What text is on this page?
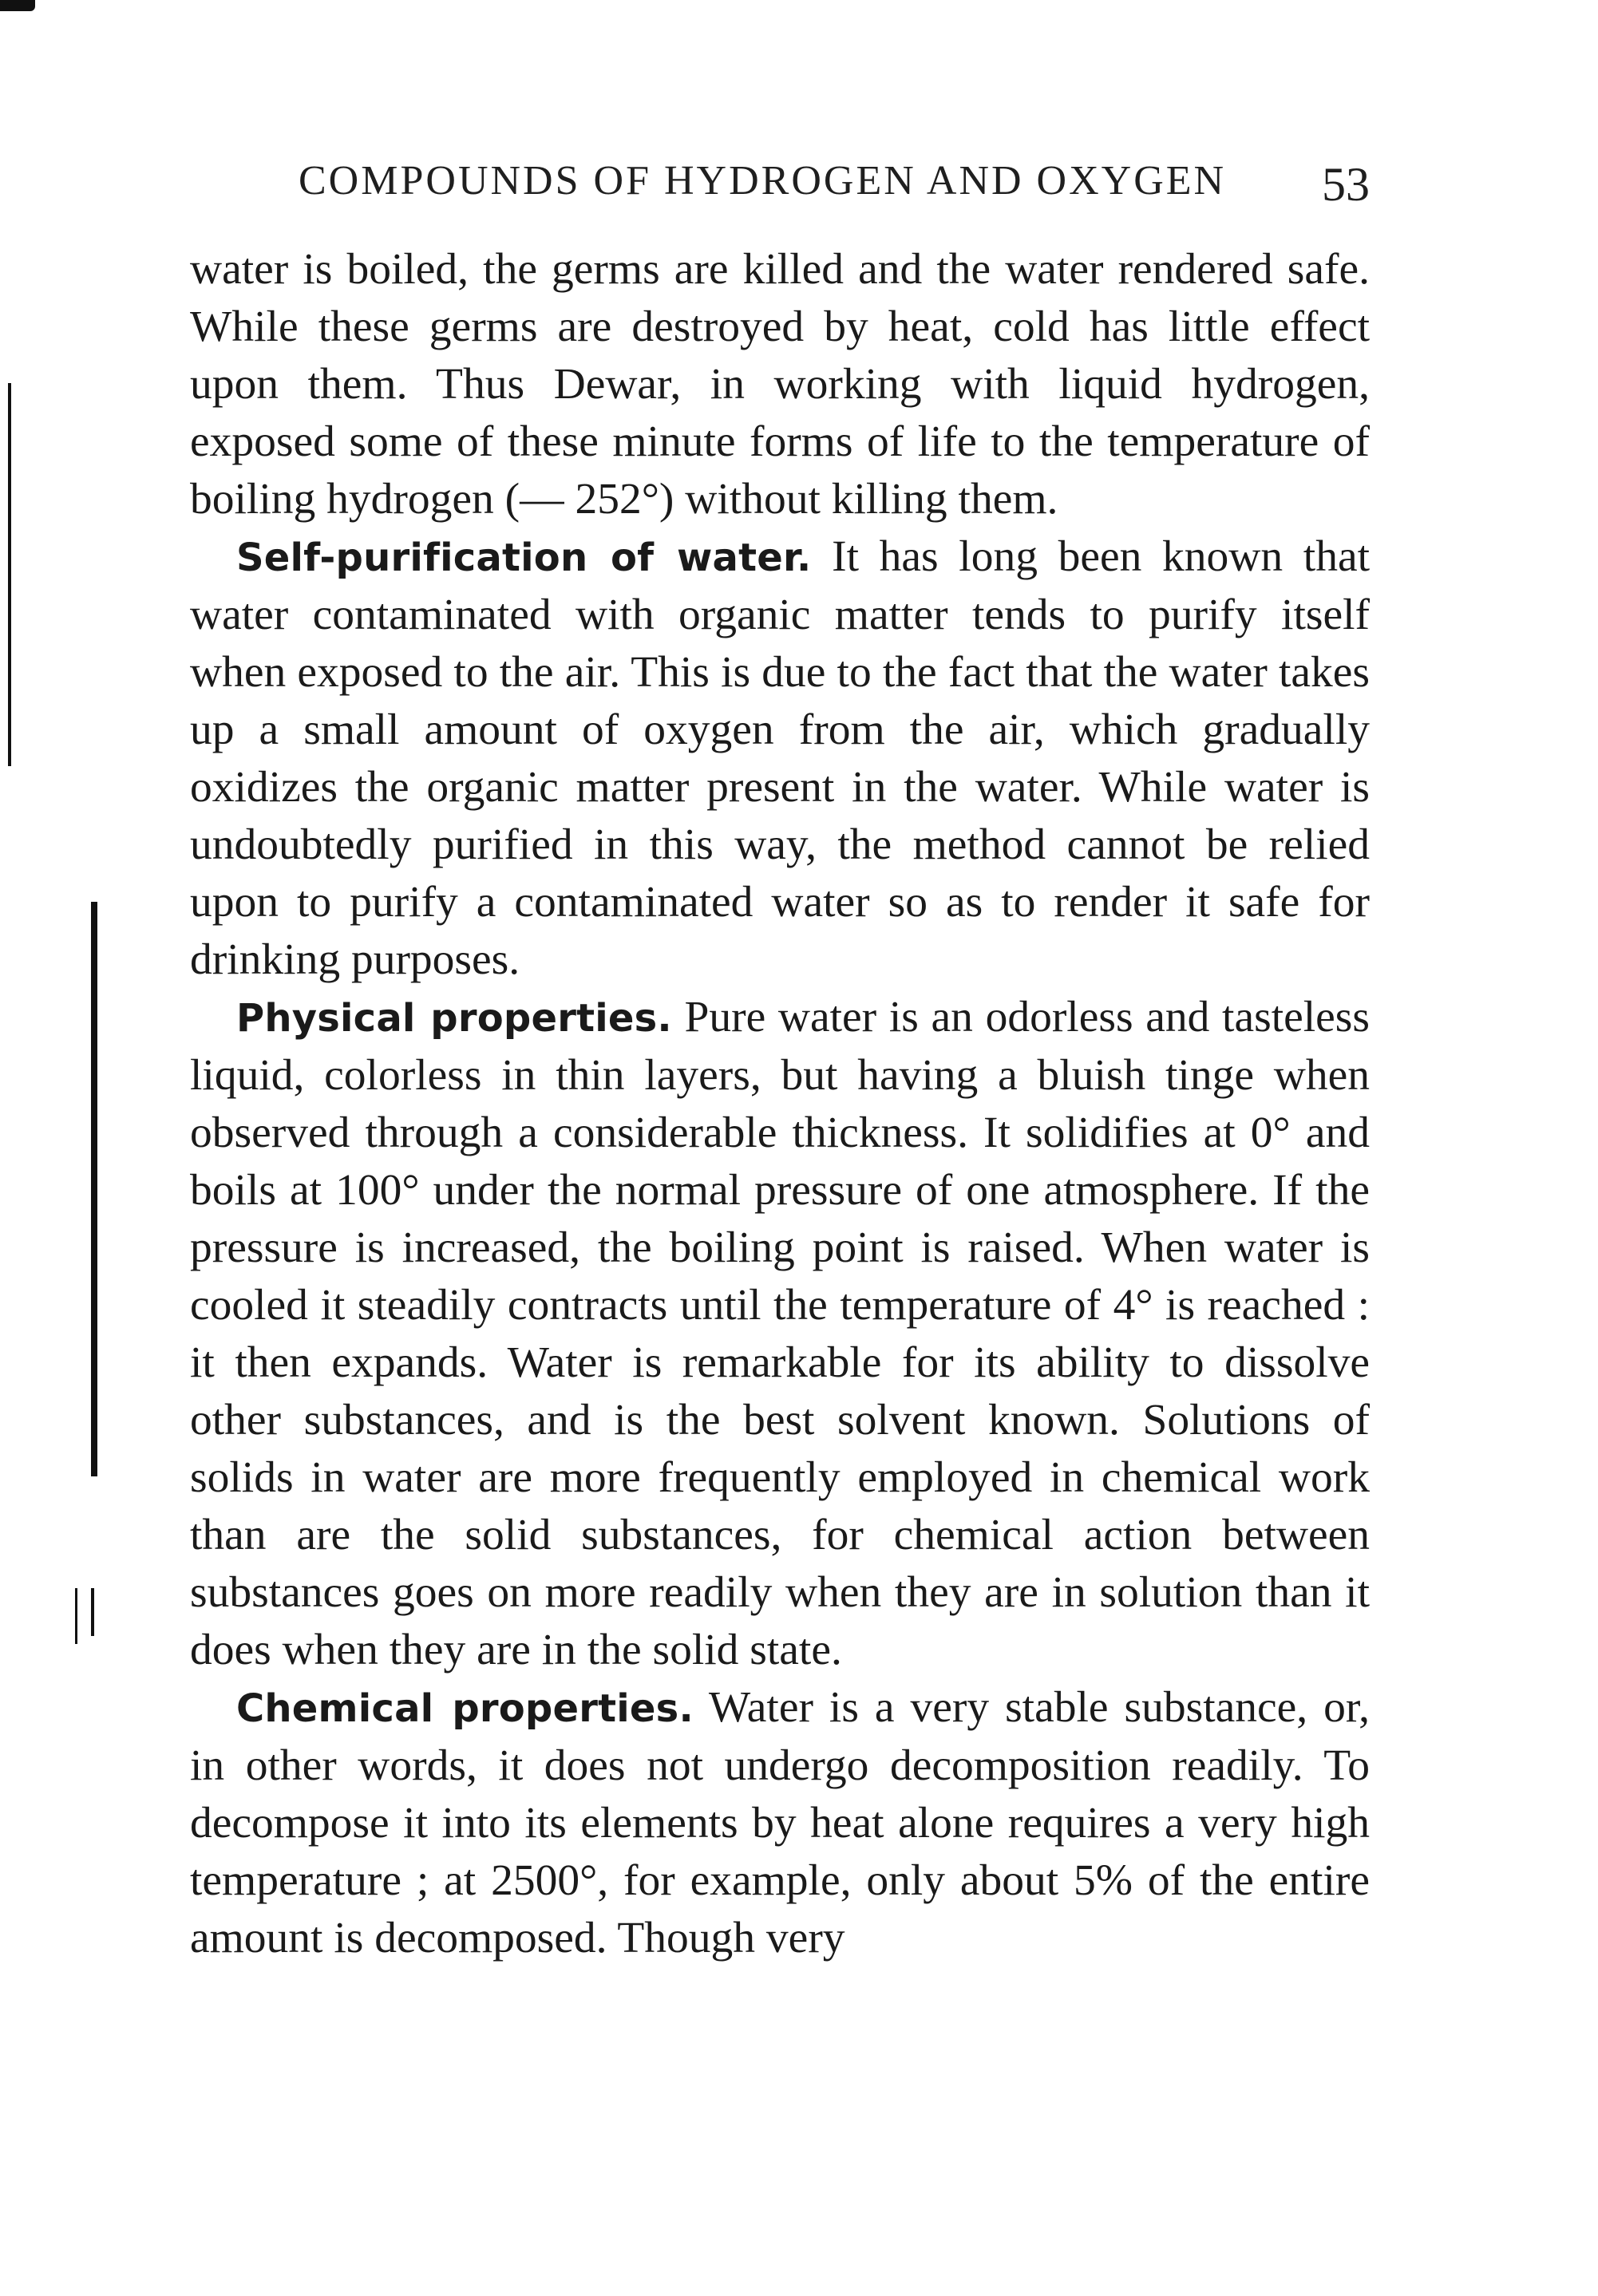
COMPOUNDS OF HYDROGEN AND OXYGEN 53

water is boiled, the germs are killed and the water rendered safe. While these germs are destroyed by heat, cold has little effect upon them. Thus Dewar, in working with liquid hydrogen, exposed some of these minute forms of life to the temperature of boiling hydrogen (— 252°) without killing them.

Self-purification of water. It has long been known that water contaminated with organic matter tends to purify itself when exposed to the air. This is due to the fact that the water takes up a small amount of oxygen from the air, which gradually oxidizes the organic matter present in the water. While water is undoubtedly purified in this way, the method cannot be relied upon to purify a contaminated water so as to render it safe for drinking purposes.

Physical properties. Pure water is an odorless and tasteless liquid, colorless in thin layers, but having a bluish tinge when observed through a considerable thickness. It solidifies at 0° and boils at 100° under the normal pressure of one atmosphere. If the pressure is increased, the boiling point is raised. When water is cooled it steadily contracts until the temperature of 4° is reached : it then expands. Water is remarkable for its ability to dissolve other substances, and is the best solvent known. Solutions of solids in water are more frequently employed in chemical work than are the solid substances, for chemical action between substances goes on more readily when they are in solution than it does when they are in the solid state.

Chemical properties. Water is a very stable substance, or, in other words, it does not undergo decomposition readily. To decompose it into its elements by heat alone requires a very high temperature ; at 2500°, for example, only about 5% of the entire amount is decomposed. Though very
